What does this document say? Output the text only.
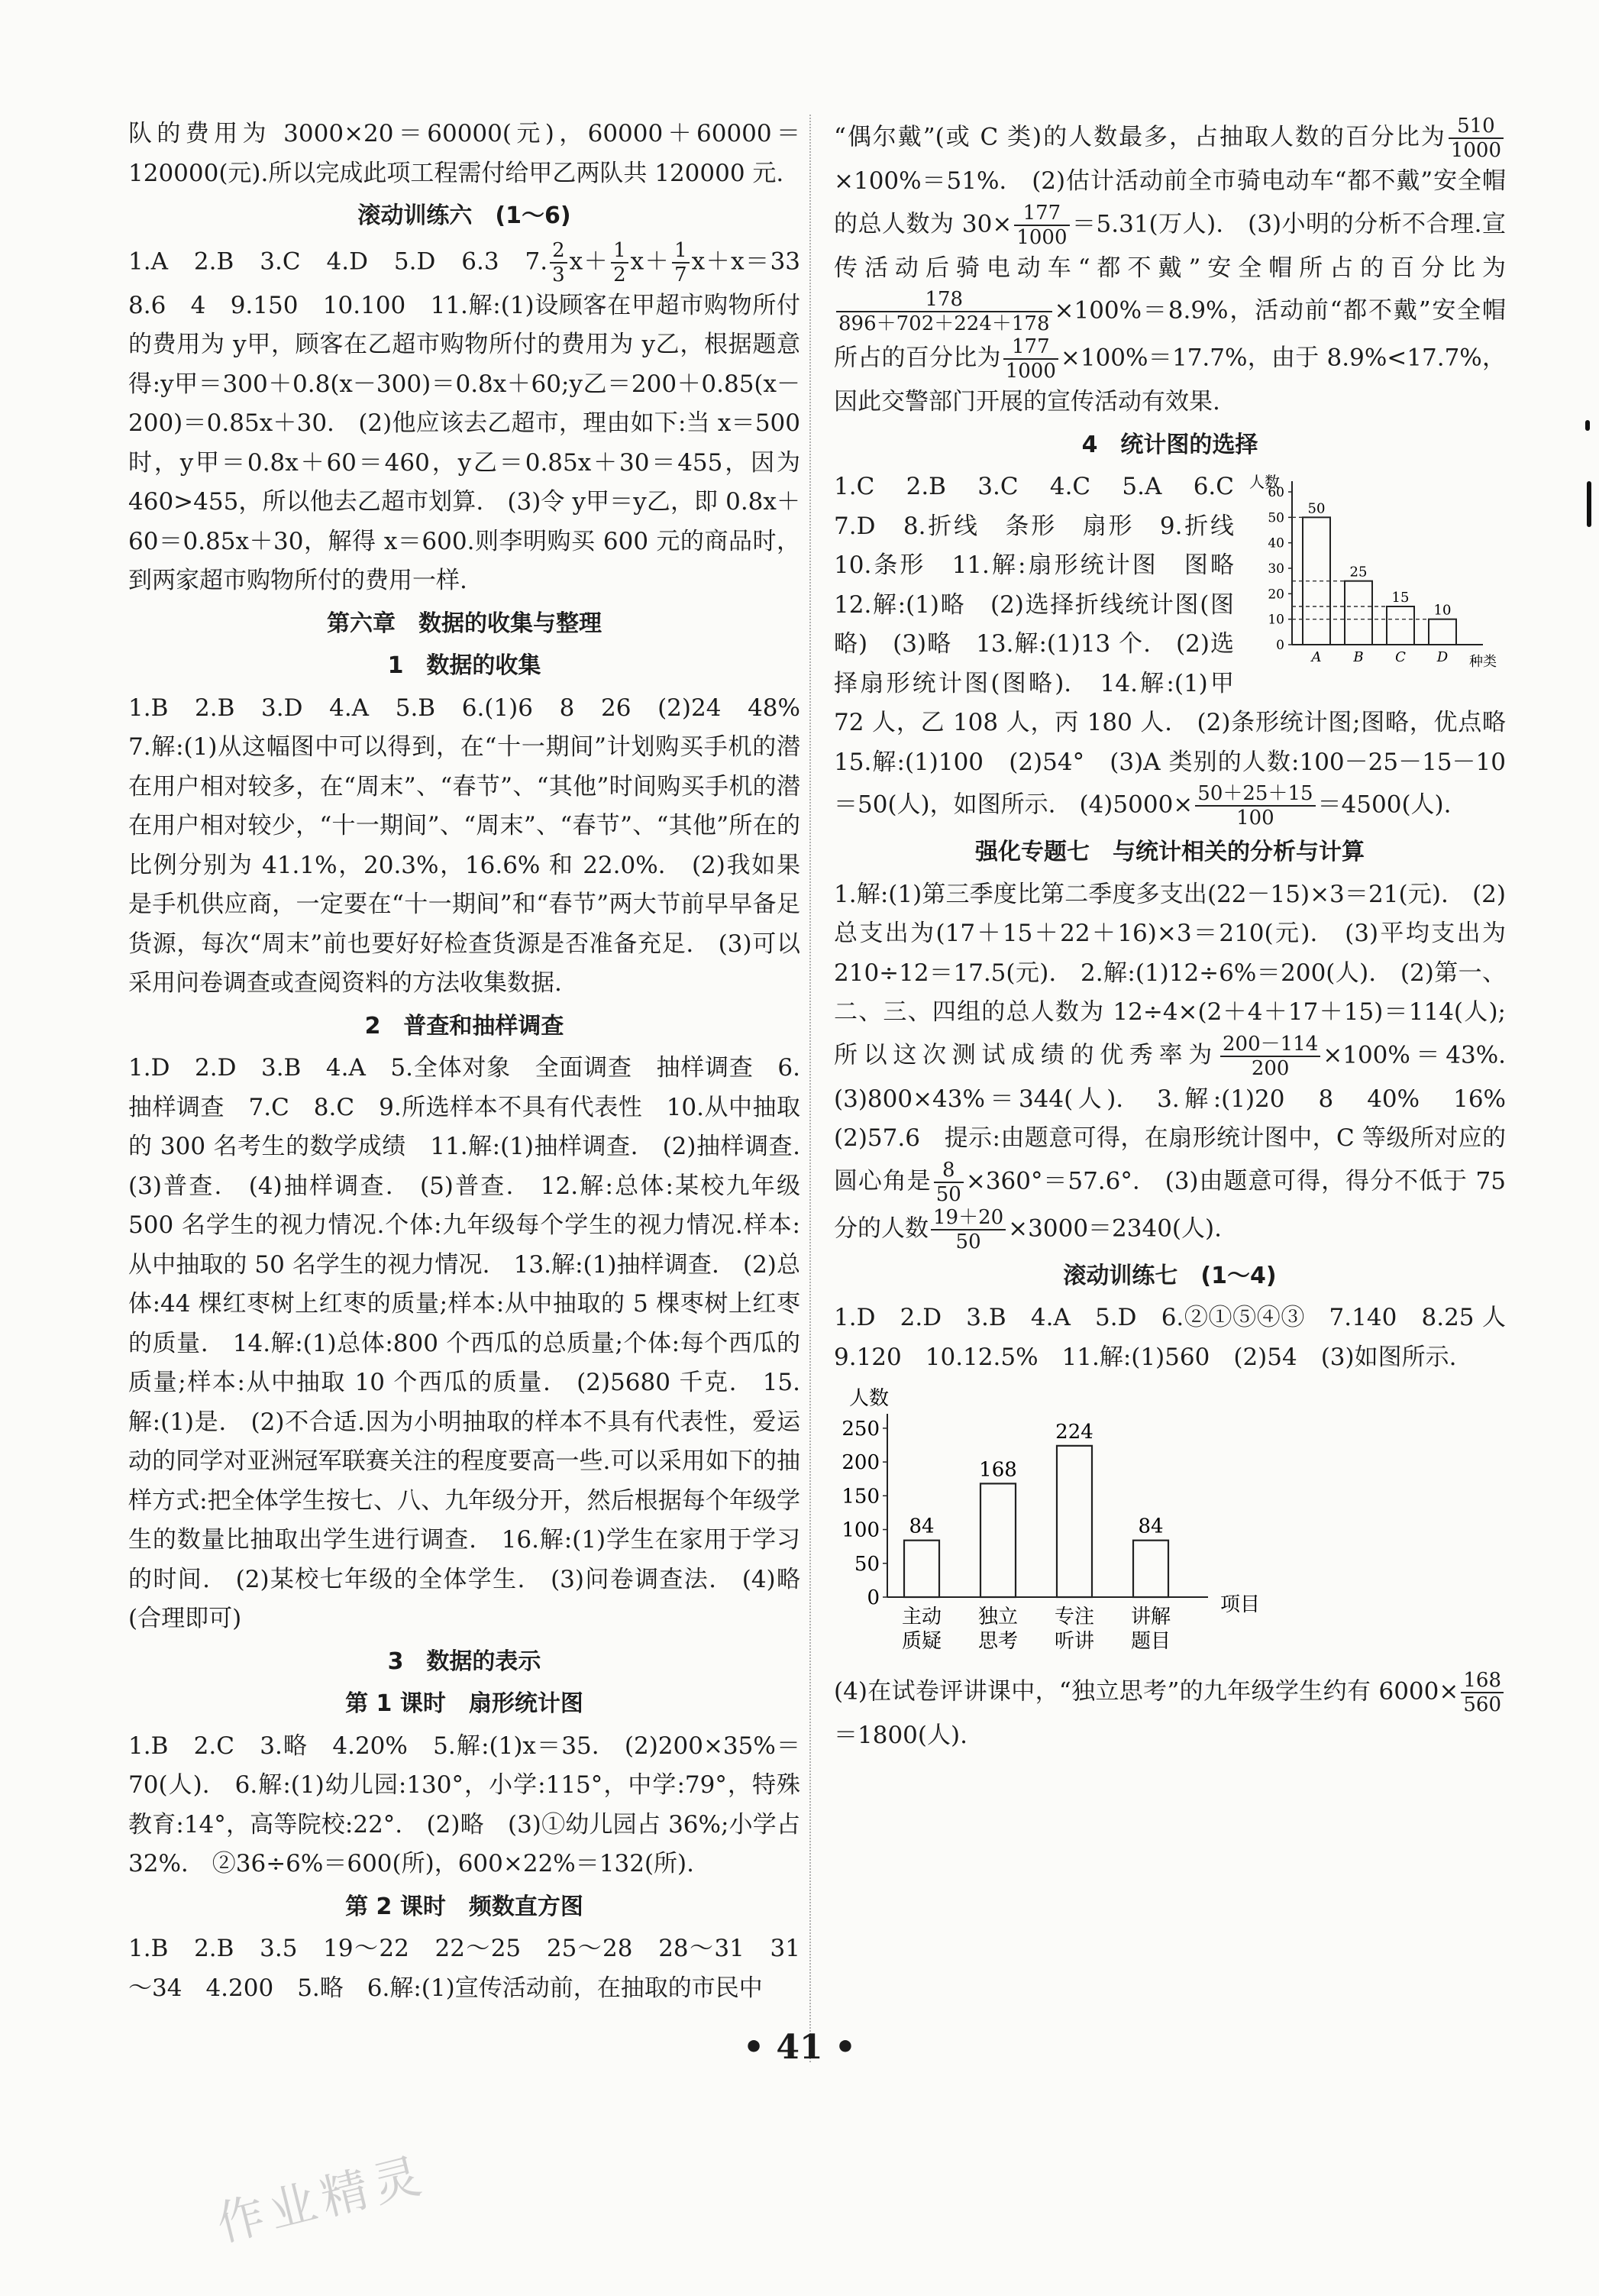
队的费用为 3000×20＝60000(元)，60000＋60000＝120000(元).所以完成此项工程需付给甲乙两队共 120000 元.

滚动训练六　(1～6)

1.A　2.B　3.C　4.D　5.D　6.3　7. $\frac{2}{3} x+ \frac{1}{2} x+ \frac{1}{7} x+x=33$　8.6　4　9.150　10.100　11.解:(1)设顾客在甲超市购物所付的费用为 y甲，顾客在乙超市购物所付的费用为 y乙，根据题意得:y甲＝300＋0.8(x－300)＝0.8x＋60;y乙＝200＋0.85(x－200)＝0.85x＋30.　(2)他应该去乙超市，理由如下:当 x＝500 时，y甲＝0.8x＋60＝460，y乙＝0.85x＋30＝455，因为 460>455，所以他去乙超市划算.　(3)令 y甲＝y乙，即 0.8x＋60＝0.85x＋30，解得 x＝600.则李明购买 600 元的商品时，到两家超市购物所付的费用一样.

第六章　数据的收集与整理
1　数据的收集

1.B　2.B　3.D　4.A　5.B　6.(1)6　8　26　(2)24　48%　7.解:(1)从这幅图中可以得到，在“十一期间”计划购买手机的潜在用户相对较多，在“周末”、“春节”、“其他”时间购买手机的潜在用户相对较少，“十一期间”、“周末”、“春节”、“其他”所在的比例分别为 41.1%，20.3%，16.6% 和 22.0%.　(2)我如果是手机供应商，一定要在“十一期间”和“春节”两大节前早早备足货源，每次“周末”前也要好好检查货源是否准备充足.　(3)可以采用问卷调查或查阅资料的方法收集数据.

2　普查和抽样调查

1.D　2.D　3.B　4.A　5.全体对象　全面调查　抽样调查　6.抽样调查　7.C　8.C　9.所选样本不具有代表性　10.从中抽取的 300 名考生的数学成绩　11.解:(1)抽样调查.　(2)抽样调查.　(3)普查.　(4)抽样调查.　(5)普查.　12.解:总体:某校九年级 500 名学生的视力情况.个体:九年级每个学生的视力情况.样本:从中抽取的 50 名学生的视力情况.　13.解:(1)抽样调查.　(2)总体:44 棵红枣树上红枣的质量;样本:从中抽取的 5 棵枣树上红枣的质量.　14.解:(1)总体:800 个西瓜的总质量;个体:每个西瓜的质量;样本:从中抽取 10 个西瓜的质量.　(2)5680 千克.　15.解:(1)是.　(2)不合适.因为小明抽取的样本不具有代表性，爱运动的同学对亚洲冠军联赛关注的程度要高一些.可以采用如下的抽样方式:把全体学生按七、八、九年级分开，然后根据每个年级学生的数量比抽取出学生进行调查.　16.解:(1)学生在家用于学习的时间.　(2)某校七年级的全体学生.　(3)问卷调查法.　(4)略(合理即可)

3　数据的表示
第 1 课时　扇形统计图

1.B　2.C　3.略　4.20%　5.解:(1)x＝35.　(2)200×35%＝70(人).　6.解:(1)幼儿园:130°，小学:115°，中学:79°，特殊教育:14°，高等院校:22°.　(2)略　(3)①幼儿园占 36%;小学占 32%.　②36÷6%＝600(所)，600×22%＝132(所).

第 2 课时　频数直方图

1.B　2.B　3.5　19～22　22～25　25～28　28～31　31～34　4.200　5.略　6.解:(1)宣传活动前，在抽取的市民中

“偶尔戴”(或 C 类)的人数最多，占抽取人数的百分比为 $\frac{510}{1000}$
×100%＝51%.　(2)估计活动前全市骑电动车“都不戴”安全帽的总人数为 $30\times \frac{177}{1000} =5.31$(万人).　(3)小明的分析不合理.宣传活动后骑电动车“都不戴”安全帽所占的百分比为
$\frac{178}{896+702+224+178} \times 100\%=8.9\%$，活动前“都不戴”安全帽所占的百分比为 $\frac{177}{1000} \times 100\%=17.7\%$，由于 8.9%<17.7%，因此交警部门开展的宣传活动有效果.

4　统计图的选择

人数
种类
0
10
20
30
40
50
60
50
A
25
B
15
C
10
D
1.C　2.B　3.C　4.C　5.A　6.C　7.D　8.折线　条形　扇形　9.折线　10.条形　11.解:扇形统计图　图略　12.解:(1)略　(2)选择折线统计图(图略)　(3)略　13.解:(1)13 个.　(2)选择扇形统计图(图略).　14.解:(1)甲 72 人，乙 108 人，丙 180 人.　(2)条形统计图;图略，优点略　15.解:(1)100　(2)54°　(3)A 类别的人数:100－25－15－10＝50(人)，如图所示.　$(4)5000\times \frac{50+25+15}{100} =4500$(人).

强化专题七　与统计相关的分析与计算

1.解:(1)第三季度比第二季度多支出(22－15)×3＝21(元).　(2)总支出为(17＋15＋22＋16)×3＝210(元).　(3)平均支出为 210÷12＝17.5(元).　2.解:(1)12÷6%＝200(人).　(2)第一、二、三、四组的总人数为 12÷4×(2＋4＋17＋15)＝114(人);所以这次测试成绩的优秀率为 $\frac{200-114}{200} \times 100\%=43\%$.　(3)800×43%＝344(人).　3.解:(1)20　8　40%　16%　(2)57.6　提示:由题意可得，在扇形统计图中，C 等级所对应的圆心角是 $\frac{8}{50} \times 360^\circ=57.6^\circ$.　(3)由题意可得，得分不低于 75 分的人数 $\frac{19+20}{50} \times 3000=2340$(人).

滚动训练七　(1～4)

1.D　2.D　3.B　4.A　5.D　6.②①⑤④③　7.140　8.25 人　9.120　10.12.5%　11.解:(1)560　(2)54　(3)如图所示.

人数
项目
0
50
100
150
200
250
84
主动
质疑
168
独立
思考
224
专注
听讲
84
讲解
题目

(4)在试卷评讲课中，“独立思考”的九年级学生约有 $6000\times \frac{168}{560}$
＝1800(人).

• 41 •
作业精灵
